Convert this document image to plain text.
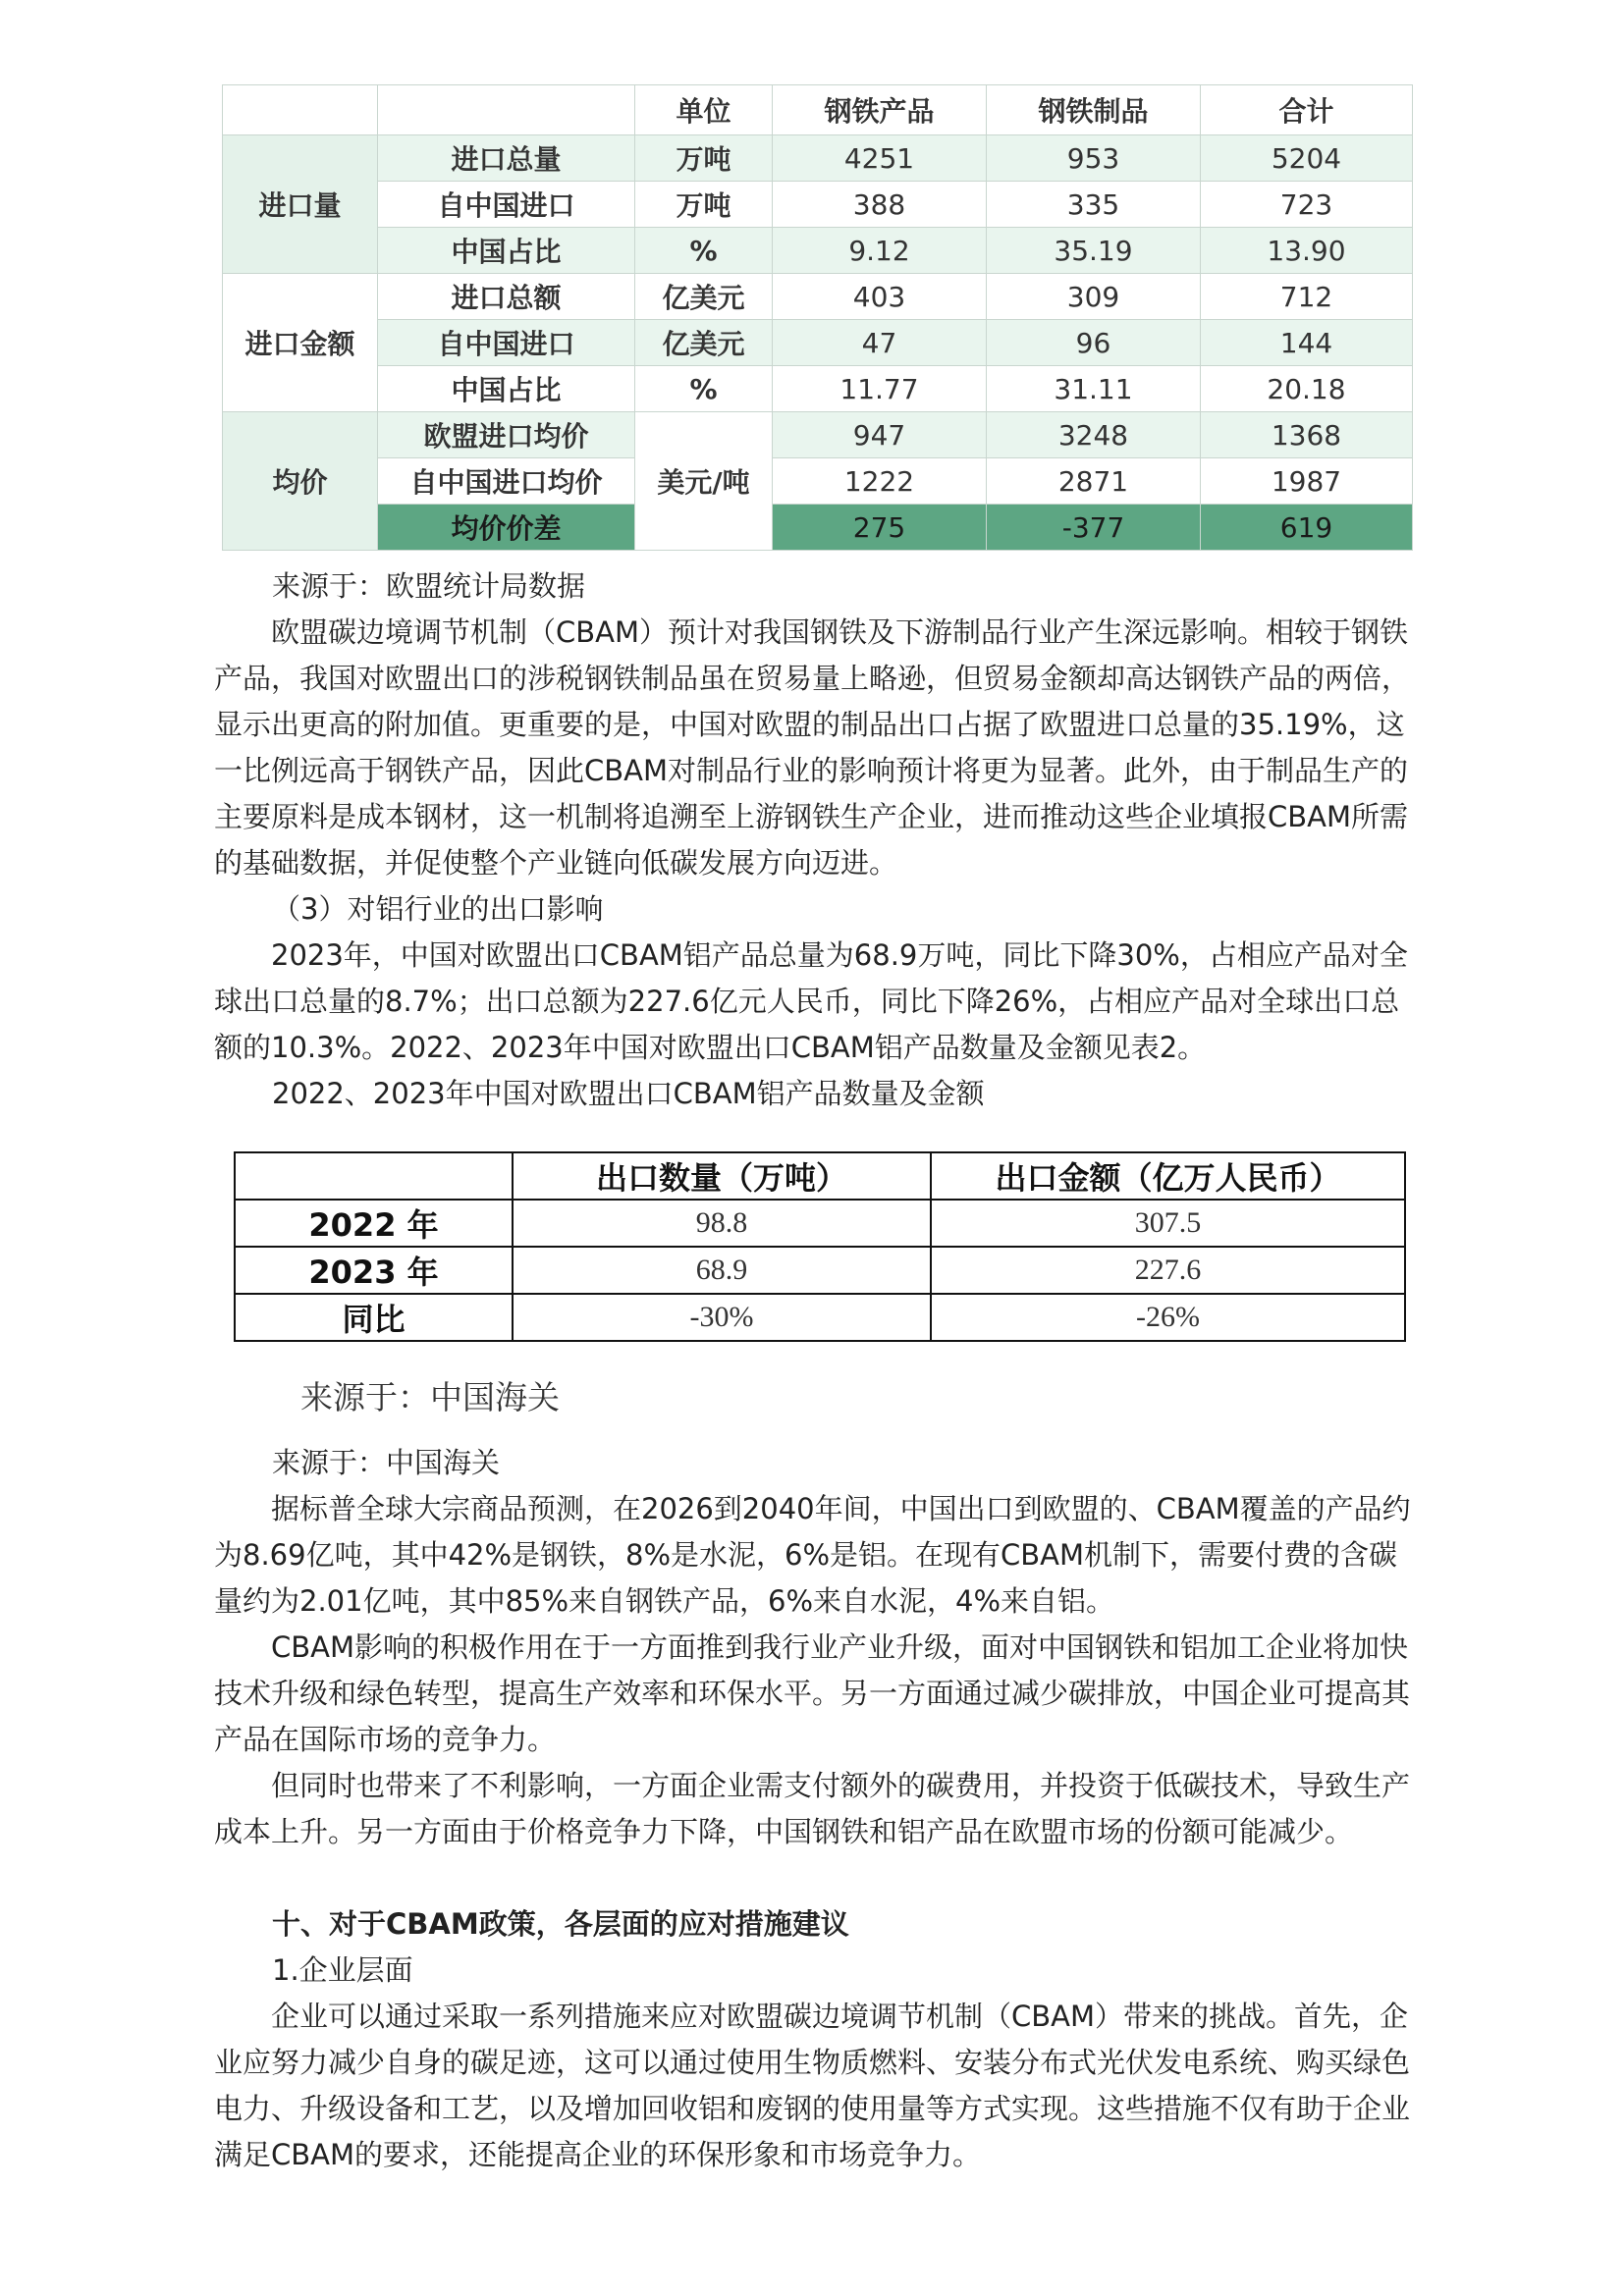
		单位	钢铁产品	钢铁制品	合计
进口量	进口总量	万吨	4251	953	5204
	自中国进口	万吨	388	335	723
	中国占比	%	9.12	35.19	13.90
进口金额	进口总额	亿美元	403	309	712
	自中国进口	亿美元	47	96	144
	中国占比	%	11.77	31.11	20.18
均价	欧盟进口均价	美元/吨	947	3248	1368
	自中国进口均价		1222	2871	1987
	均价价差		275	-377	619

来源于：欧盟统计局数据

欧盟碳边境调节机制（CBAM）预计对我国钢铁及下游制品行业产生深远影响。相较于钢铁产品，我国对欧盟出口的涉税钢铁制品虽在贸易量上略逊，但贸易金额却高达钢铁产品的两倍，显示出更高的附加值。更重要的是，中国对欧盟的制品出口占据了欧盟进口总量的35.19%，这一比例远高于钢铁产品，因此CBAM对制品行业的影响预计将更为显著。此外，由于制品生产的主要原料是成本钢材，这一机制将追溯至上游钢铁生产企业，进而推动这些企业填报CBAM所需的基础数据，并促使整个产业链向低碳发展方向迈进。

（3）对铝行业的出口影响

2023年，中国对欧盟出口CBAM铝产品总量为68.9万吨，同比下降30%，占相应产品对全球出口总量的8.7%；出口总额为227.6亿元人民币，同比下降26%，占相应产品对全球出口总额的10.3%。2022、2023年中国对欧盟出口CBAM铝产品数量及金额见表2。

2022、2023年中国对欧盟出口CBAM铝产品数量及金额

	出口数量（万吨）	出口金额（亿万人民币）
2022 年	98.8	307.5
2023 年	68.9	227.6
同比	-30%	-26%

来源于：中国海关

来源于：中国海关

据标普全球大宗商品预测，在2026到2040年间，中国出口到欧盟的、CBAM覆盖的产品约为8.69亿吨，其中42%是钢铁，8%是水泥，6%是铝。在现有CBAM机制下，需要付费的含碳量约为2.01亿吨，其中85%来自钢铁产品，6%来自水泥，4%来自铝。

CBAM影响的积极作用在于一方面推到我行业产业升级，面对中国钢铁和铝加工企业将加快技术升级和绿色转型，提高生产效率和环保水平。另一方面通过减少碳排放，中国企业可提高其产品在国际市场的竞争力。

但同时也带来了不利影响，一方面企业需支付额外的碳费用，并投资于低碳技术，导致生产成本上升。另一方面由于价格竞争力下降，中国钢铁和铝产品在欧盟市场的份额可能减少。

十、对于CBAM政策，各层面的应对措施建议

1.企业层面

企业可以通过采取一系列措施来应对欧盟碳边境调节机制（CBAM）带来的挑战。首先，企业应努力减少自身的碳足迹，这可以通过使用生物质燃料、安装分布式光伏发电系统、购买绿色电力、升级设备和工艺，以及增加回收铝和废钢的使用量等方式实现。这些措施不仅有助于企业满足CBAM的要求，还能提高企业的环保形象和市场竞争力。
